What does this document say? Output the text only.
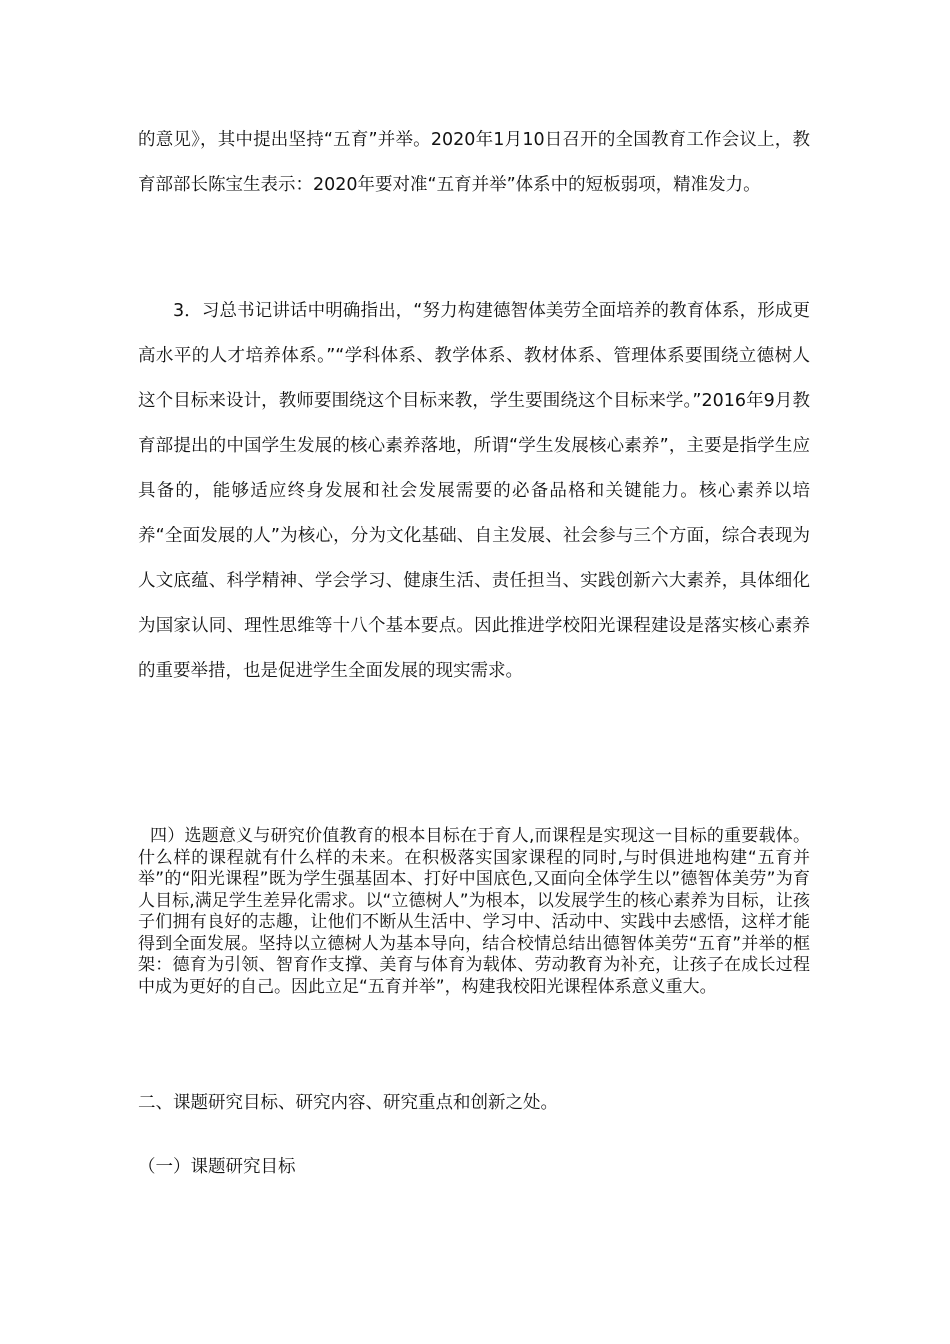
的意见》，其中提出坚持“五育”并举。2020年1月10日召开的全国教育工作会议上，教育部部长陈宝生表示：2020年要对准“五育并举”体系中的短板弱项，精准发力。

3．习总书记讲话中明确指出，“努力构建德智体美劳全面培养的教育体系，形成更高水平的人才培养体系。”“学科体系、教学体系、教材体系、管理体系要围绕立德树人这个目标来设计，教师要围绕这个目标来教，学生要围绕这个目标来学。”2016年9月教育部提出的中国学生发展的核心素养落地，所谓“学生发展核心素养”，主要是指学生应具备的，能够适应终身发展和社会发展需要的必备品格和关键能力。核心素养以培养“全面发展的人”为核心，分为文化基础、自主发展、社会参与三个方面，综合表现为人文底蕴、科学精神、学会学习、健康生活、责任担当、实践创新六大素养，具体细化为国家认同、理性思维等十八个基本要点。因此推进学校阳光课程建设是落实核心素养的重要举措，也是促进学生全面发展的现实需求。

四）选题意义与研究价值教育的根本目标在于育人,而课程是实现这一目标的重要载体。什么样的课程就有什么样的未来。在积极落实国家课程的同时,与时俱进地构建“五育并举”的“阳光课程”既为学生强基固本、打好中国底色,又面向全体学生以”德智体美劳”为育人目标,满足学生差异化需求。以“立德树人”为根本，以发展学生的核心素养为目标，让孩子们拥有良好的志趣，让他们不断从生活中、学习中、活动中、实践中去感悟，这样才能得到全面发展。坚持以立德树人为基本导向，结合校情总结出德智体美劳“五育”并举的框架：德育为引领、智育作支撑、美育与体育为载体、劳动教育为补充，让孩子在成长过程中成为更好的自己。因此立足“五育并举”，构建我校阳光课程体系意义重大。

二、课题研究目标、研究内容、研究重点和创新之处。

（一）课题研究目标
